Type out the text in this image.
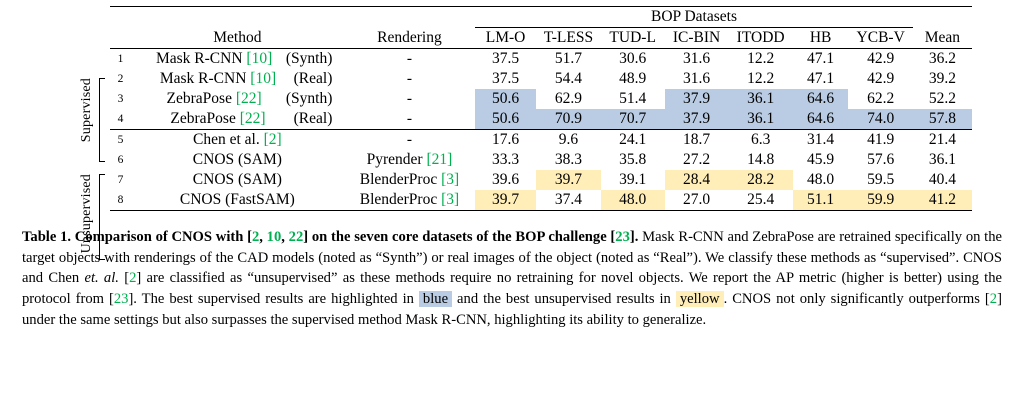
Supervised
Unsupervised
			BOP Datasets							
	Method	Rendering	LM-O	T-LESS	TUD-L	IC-BIN	ITODD	HB	YCB-V	Mean
1	Mask R-CNN [10] (Synth)	-	37.5	51.7	30.6	31.6	12.2	47.1	42.9	36.2
2	Mask R-CNN [10] (Real)	-	37.5	54.4	48.9	31.6	12.2	47.1	42.9	39.2
3	ZebraPose [22] (Synth)	-	50.6	62.9	51.4	37.9	36.1	64.6	62.2	52.2
4	ZebraPose [22] (Real)	-	50.6	70.9	70.7	37.9	36.1	64.6	74.0	57.8
5	Chen et al. [2]	-	17.6	9.6	24.1	18.7	6.3	31.4	41.9	21.4
6	CNOS (SAM)	Pyrender [21]	33.3	38.3	35.8	27.2	14.8	45.9	57.6	36.1
7	CNOS (SAM)	BlenderProc [3]	39.6	39.7	39.1	28.4	28.2	48.0	59.5	40.4
8	CNOS (FastSAM)	BlenderProc [3]	39.7	37.4	48.0	27.0	25.4	51.1	59.9	41.2
Table 1. Comparison of CNOS with [2, 10, 22] on the seven core datasets of the BOP challenge [23]. Mask R-CNN and ZebraPose are retrained specifically on the target objects with renderings of the CAD models (noted as “Synth”) or real images of the object (noted as “Real”). We classify these methods as “supervised”. CNOS and Chen et. al. [2] are classified as “unsupervised” as these methods require no retraining for novel objects. We report the AP metric (higher is better) using the protocol from [23]. The best supervised results are highlighted in blue and the best unsupervised results in yellow . CNOS not only significantly outperforms [2] under the same settings but also surpasses the supervised method Mask R-CNN, highlighting its ability to generalize.
